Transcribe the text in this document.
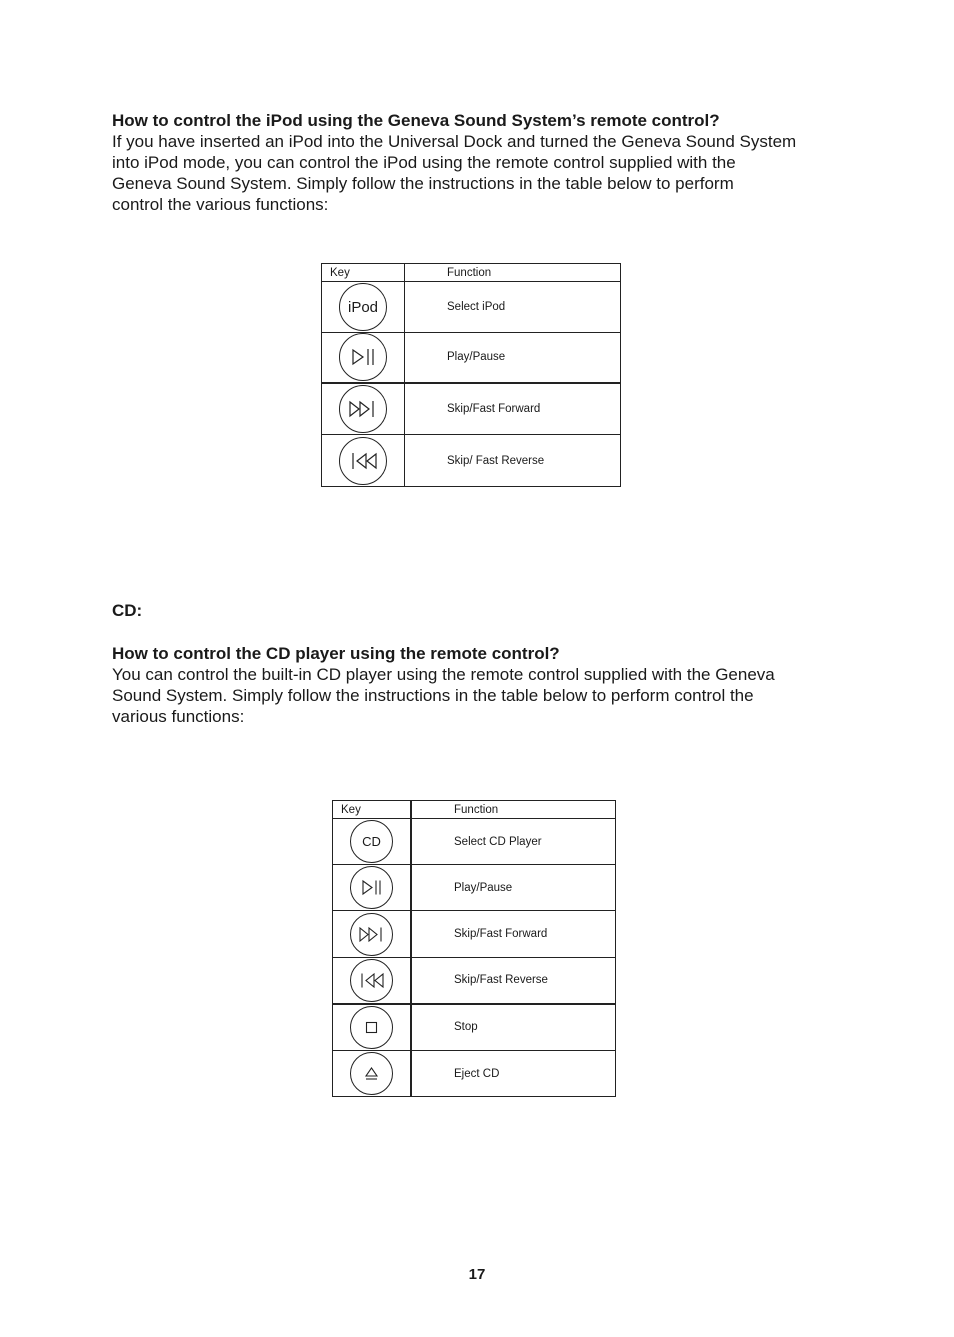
How to control the iPod using the Geneva Sound System’s remote control?

If you have inserted an iPod into the Universal Dock and turned the Geneva Sound System

into iPod mode, you can control the iPod using the remote control supplied with the

Geneva Sound System. Simply follow the instructions in the table below to perform

control the various functions:

Key	Function

iPod	Select iPod

	Play/Pause

	Skip/Fast Forward

	Skip/ Fast Reverse
CD:

How to control the CD player using the remote control?

You can control the built-in CD player using the remote control supplied with the Geneva

Sound System. Simply follow the instructions in the table below to perform control the

various functions:

Key	Function

CD	Select CD Player

	Play/Pause

	Skip/Fast Forward

	Skip/Fast Reverse

	Stop

	Eject CD
17
